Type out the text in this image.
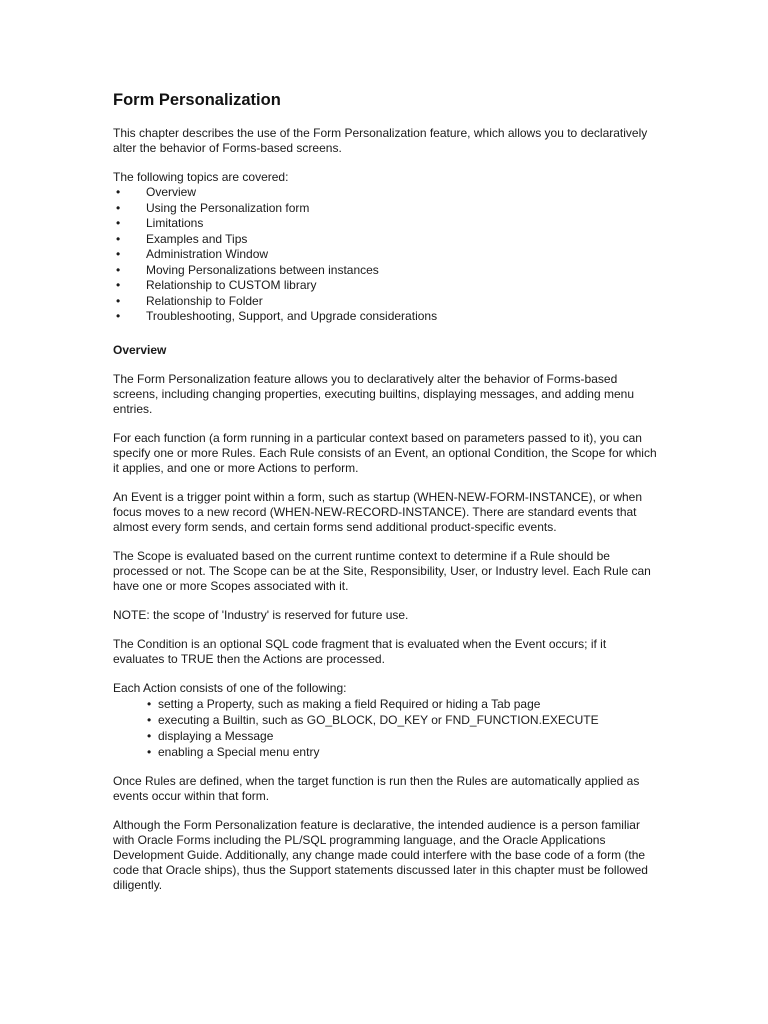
Form Personalization

This chapter describes the use of the Form Personalization feature, which allows you to declaratively alter the behavior of Forms-based screens.

The following topics are covered:

• Overview
• Using the Personalization form
• Limitations
• Examples and Tips
• Administration Window
• Moving Personalizations between instances
• Relationship to CUSTOM library
• Relationship to Folder
• Troubleshooting, Support, and Upgrade considerations
Overview

The Form Personalization feature allows you to declaratively alter the behavior of Forms-based screens, including changing properties, executing builtins, displaying messages, and adding menu entries.

For each function (a form running in a particular context based on parameters passed to it), you can specify one or more Rules. Each Rule consists of an Event, an optional Condition, the Scope for which it applies, and one or more Actions to perform.

An Event is a trigger point within a form, such as startup (WHEN-NEW-FORM-INSTANCE), or when focus moves to a new record (WHEN-NEW-RECORD-INSTANCE). There are standard events that almost every form sends, and certain forms send additional product-specific events.

The Scope is evaluated based on the current runtime context to determine if a Rule should be processed or not. The Scope can be at the Site, Responsibility, User, or Industry level. Each Rule can have one or more Scopes associated with it.

NOTE: the scope of 'Industry' is reserved for future use.

The Condition is an optional SQL code fragment that is evaluated when the Event occurs; if it evaluates to TRUE then the Actions are processed.

Each Action consists of one of the following:

• setting a Property, such as making a field Required or hiding a Tab page
• executing a Builtin, such as GO_BLOCK, DO_KEY or FND_FUNCTION.EXECUTE
• displaying a Message
• enabling a Special menu entry

Once Rules are defined, when the target function is run then the Rules are automatically applied as events occur within that form.

Although the Form Personalization feature is declarative, the intended audience is a person familiar with Oracle Forms including the PL/SQL programming language, and the Oracle Applications Development Guide. Additionally, any change made could interfere with the base code of a form (the code that Oracle ships), thus the Support statements discussed later in this chapter must be followed diligently.
